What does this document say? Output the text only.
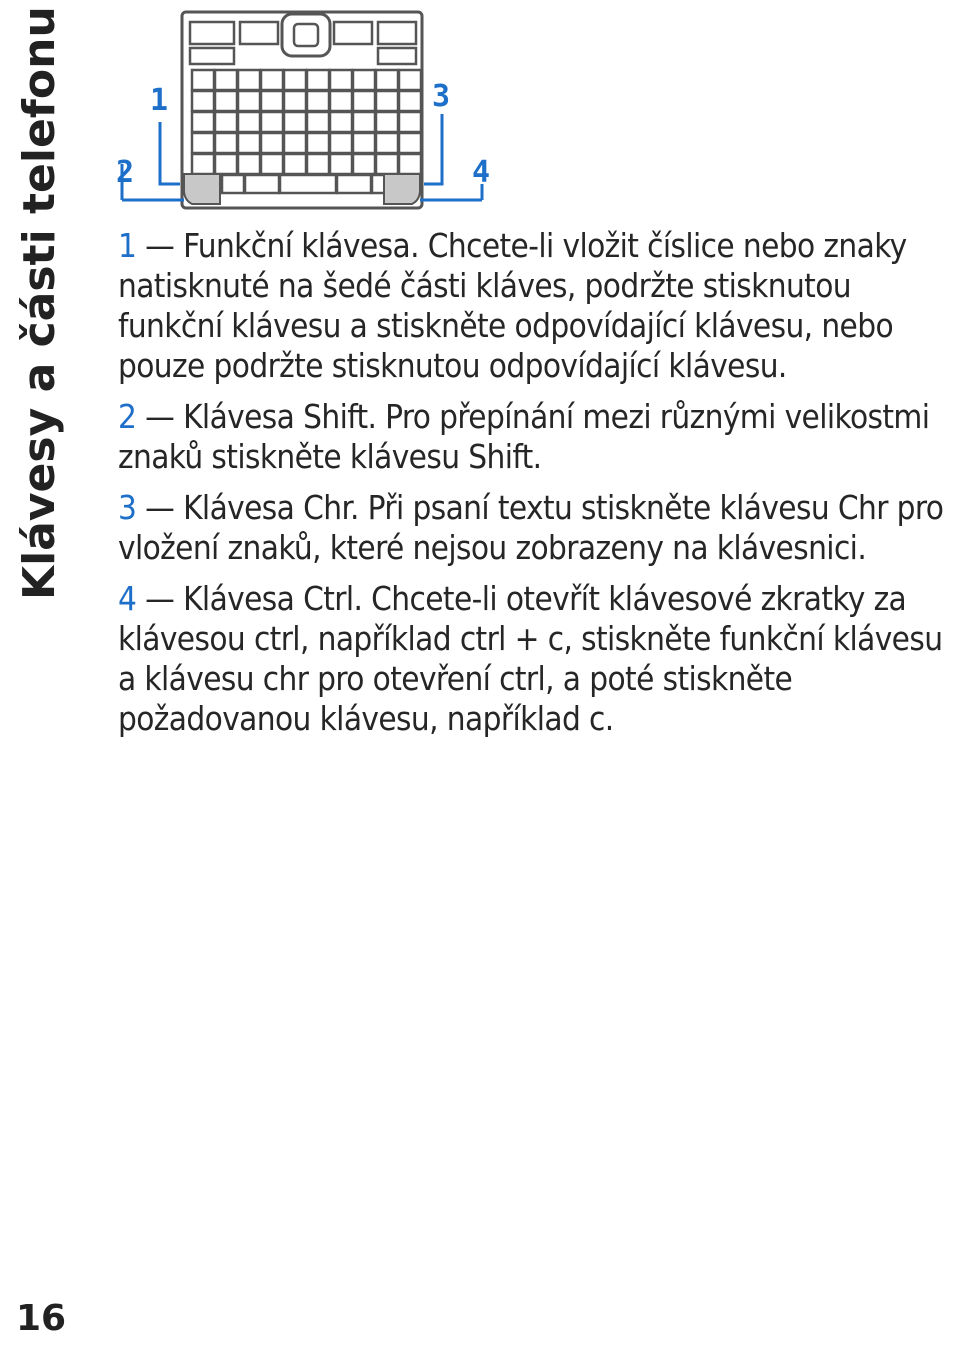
Klávesy a části telefonu	1
2
3
4

1 — Funkční klávesa. Chcete-li vložit číslice nebo znaky natisknuté na šedé části kláves, podržte stisknutou funkční klávesu a stiskněte odpovídající klávesu, nebo pouze podržte stisknutou odpovídající klávesu.

2 — Klávesa Shift. Pro přepínání mezi různými velikostmi znaků stiskněte klávesu Shift.

3 — Klávesa Chr. Při psaní textu stiskněte klávesu Chr pro vložení znaků, které nejsou zobrazeny na klávesnici.

4 — Klávesa Ctrl. Chcete-li otevřít klávesové zkratky za klávesou ctrl, například ctrl + c, stiskněte funkční klávesu a klávesu chr pro otevření ctrl, a poté stiskněte požadovanou klávesu, například c.

16
